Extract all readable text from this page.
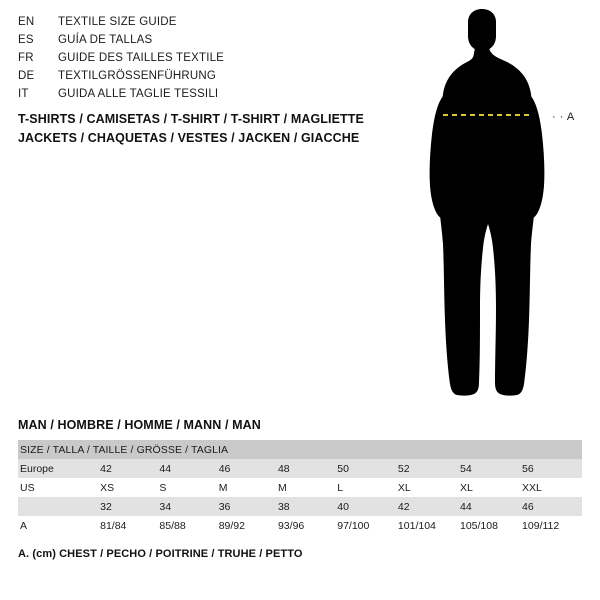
EN	TEXTILE SIZE GUIDE
ES	GUÍA DE TALLAS
FR	GUIDE DES TAILLES TEXTILE
DE	TEXTILGRÖSSENFÜHRUNG
IT	GUIDA ALLE TAGLIE TESSILI
T-SHIRTS / CAMISETAS / T-SHIRT / T-SHIRT / MAGLIETTE
JACKETS / CHAQUETAS / VESTES / JACKEN / GIACCHE
· · A
MAN / HOMBRE / HOMME / MANN / MAN
SIZE / TALLA / TAILLE / GRÖSSE / TAGLIA								
Europe	42	44	46	48	50	52	54	56
US	XS	S	M	M	L	XL	XL	XXL
	32	34	36	38	40	42	44	46
A	81/84	85/88	89/92	93/96	97/100	101/104	105/108	109/112
A. (cm) CHEST / PECHO / POITRINE / TRUHE / PETTO
